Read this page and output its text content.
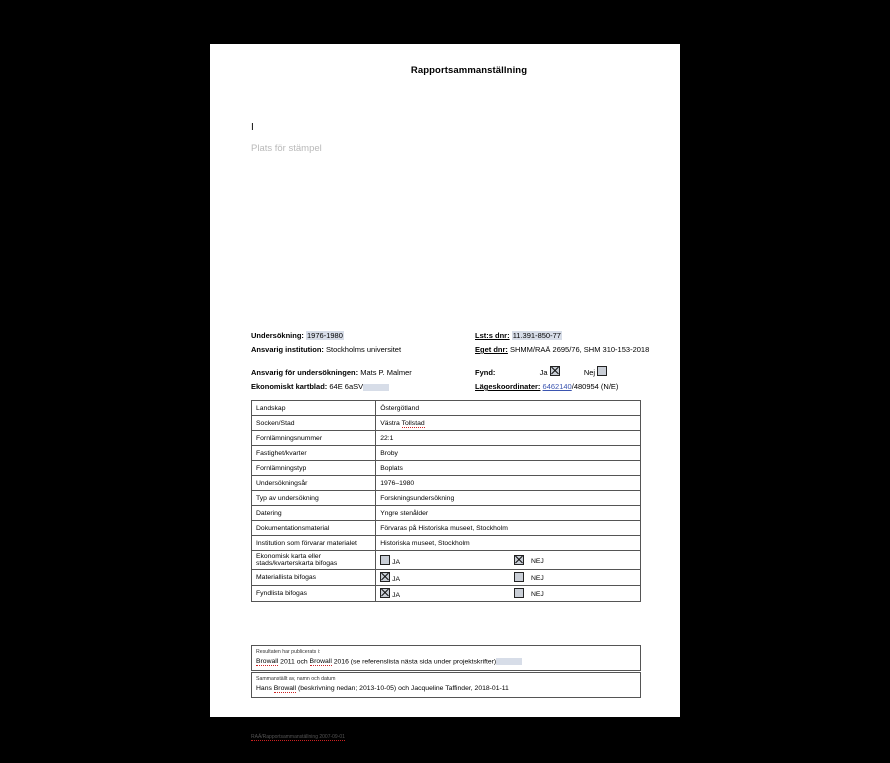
Rapportsammanställning
I
Plats för stämpel
Undersökning: 1976-1980
Ansvarig institution: Stockholms universitet
Ansvarig för undersökningen: Mats P. Malmer
Ekonomiskt kartblad: 64E 6aSV
Lst:s dnr: 11.391-850-77
Eget dnr: SHMM/RAÄ 2695/76, SHM 310-153-2018
Fynd:	Ja	Nej
Lägeskoordinater: 6462140/480954 (N/E)
Landskap	Östergötland
Socken/Stad	Västra Tollstad
Fornlämningsnummer	22:1
Fastighet/kvarter	Broby
Fornlämningstyp	Boplats
Undersökningsår	1976–1980
Typ av undersökning	Forskningsundersökning
Datering	Yngre stenålder
Dokumentationsmaterial	Förvaras på Historiska museet, Stockholm
Institution som förvarar materialet	Historiska museet, Stockholm
Ekonomisk karta eller stads/kvarterskarta bifogas	JA NEJ
Materiallista bifogas	JA NEJ
Fyndlista bifogas	JA NEJ
Resultaten har publicerats i:
Browall 2011 och Browall 2016 (se referenslista nästa sida under projektskrifter)
Sammanställt av, namn och datum
Hans Browall (beskrivning nedan; 2013-10-05) och Jacqueline Taffinder, 2018-01-11
RAÄ/Rapportsammanställning 2007-09-01
